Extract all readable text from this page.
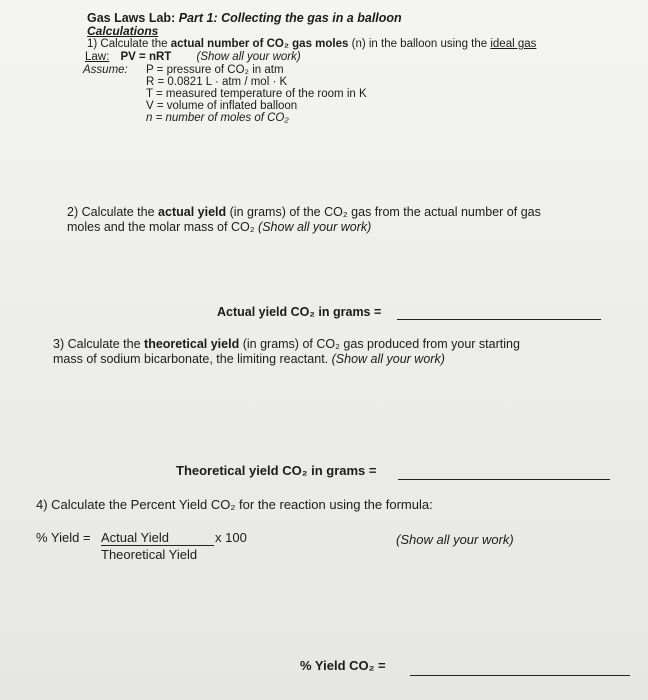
Gas Laws Lab: Part 1: Collecting the gas in a balloon
Calculations
1) Calculate the actual number of CO₂ gas moles (n) in the balloon using the ideal gas
Law: PV = nRT (Show all your work)
Assume: P = pressure of CO₂ in atm
R = 0.0821 L · atm / mol · K
T = measured temperature of the room in K
V = volume of inflated balloon
n = number of moles of CO₂
2) Calculate the actual yield (in grams) of the CO₂ gas from the actual number of gas
moles and the molar mass of CO₂ (Show all your work)
Actual yield CO₂ in grams =
3) Calculate the theoretical yield (in grams) of CO₂ gas produced from your starting
mass of sodium bicarbonate, the limiting reactant. (Show all your work)
Theoretical yield CO₂ in grams =
4) Calculate the Percent Yield CO₂ for the reaction using the formula:
% Yield = Actual Yield	x 100
Theoretical Yield
(Show all your work)
% Yield CO₂ =
